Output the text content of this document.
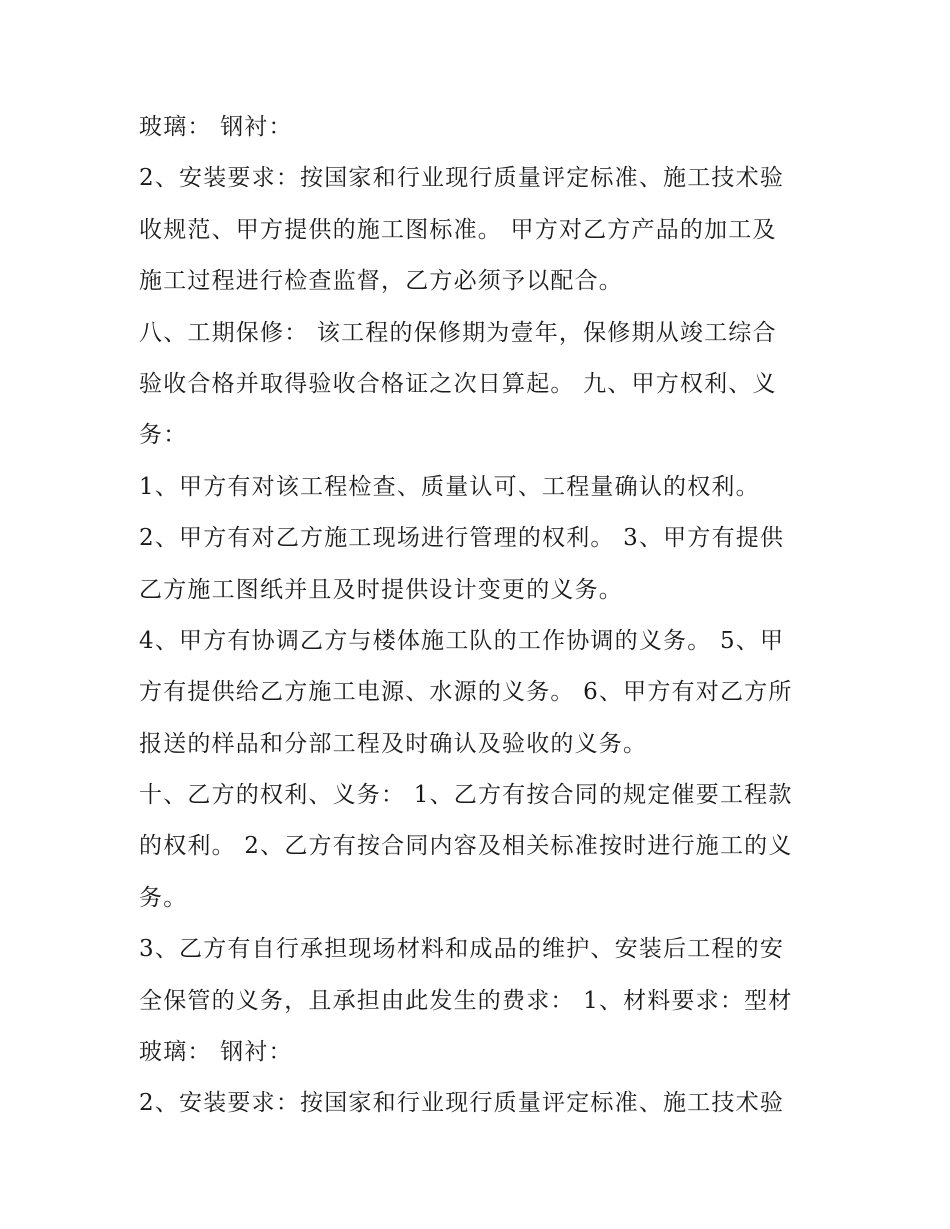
玻璃： 钢衬：
2、安装要求：按国家和行业现行质量评定标准、施工技术验
收规范、甲方提供的施工图标准。 甲方对乙方产品的加工及
施工过程进行检查监督，乙方必须予以配合。
八、工期保修： 该工程的保修期为壹年，保修期从竣工综合
验收合格并取得验收合格证之次日算起。 九、甲方权利、义
务：
1、甲方有对该工程检查、质量认可、工程量确认的权利。
2、甲方有对乙方施工现场进行管理的权利。 3、甲方有提供
乙方施工图纸并且及时提供设计变更的义务。
4、甲方有协调乙方与楼体施工队的工作协调的义务。 5、甲
方有提供给乙方施工电源、水源的义务。 6、甲方有对乙方所
报送的样品和分部工程及时确认及验收的义务。
十、乙方的权利、义务： 1、乙方有按合同的规定催要工程款
的权利。 2、乙方有按合同内容及相关标准按时进行施工的义
务。
3、乙方有自行承担现场材料和成品的维护、安装后工程的安
全保管的义务，且承担由此发生的费求： 1、材料要求：型材
玻璃： 钢衬：
2、安装要求：按国家和行业现行质量评定标准、施工技术验
